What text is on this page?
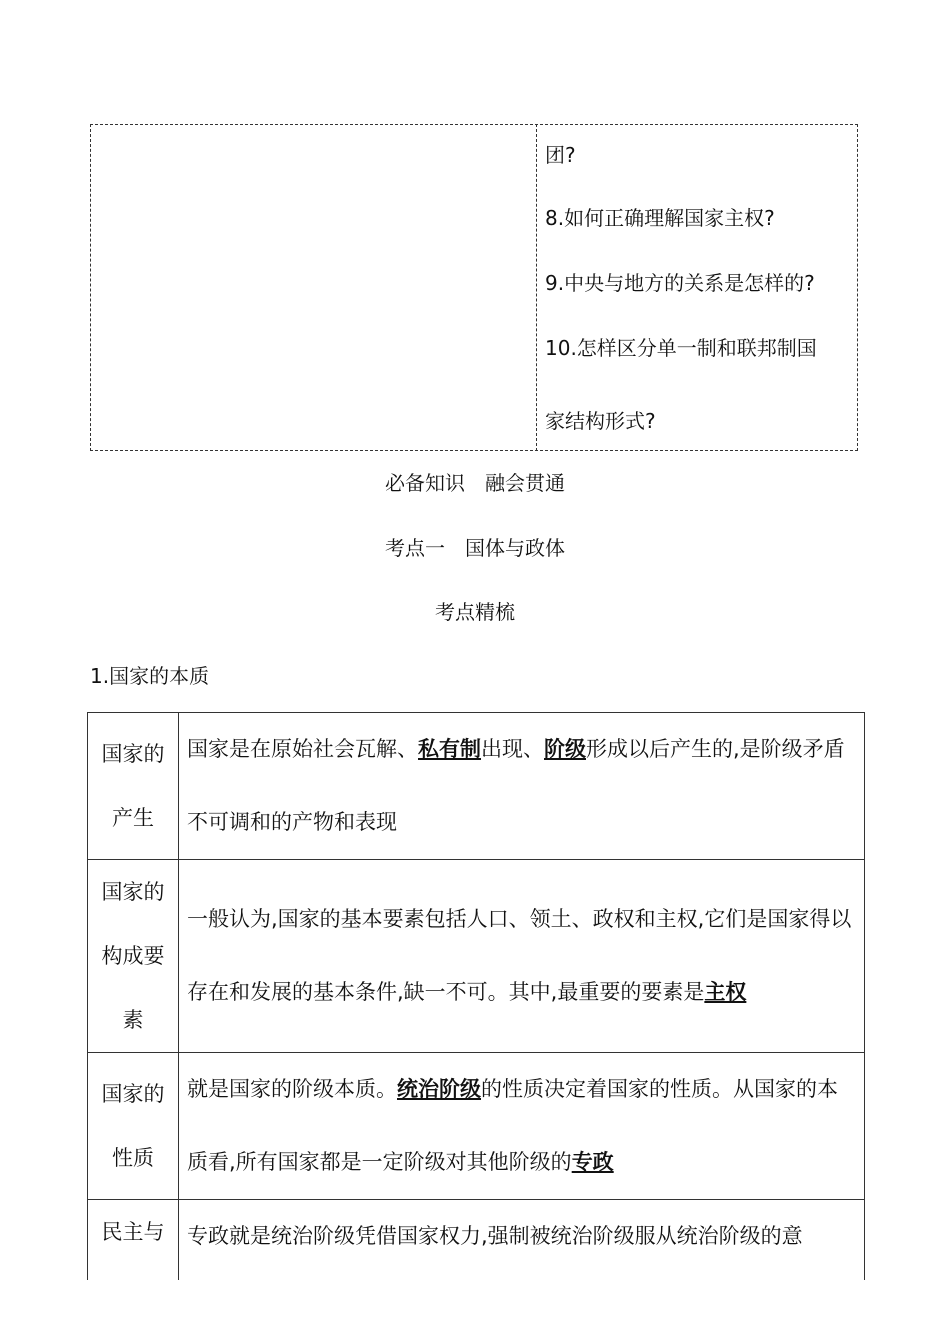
团?
8.如何正确理解国家主权?
9.中央与地方的关系是怎样的?
10.怎样区分单一制和联邦制国
家结构形式?
必备知识　融会贯通
考点一　国体与政体
考点精梳
1.国家的本质
国家的产生	国家是在原始社会瓦解、私有制出现、阶级形成以后产生的,是阶级矛盾不可调和的产物和表现
国家的构成要素	一般认为,国家的基本要素包括人口、领土、政权和主权,它们是国家得以存在和发展的基本条件,缺一不可。其中,最重要的要素是主权
国家的性质	就是国家的阶级本质。统治阶级的性质决定着国家的性质。从国家的本质看,所有国家都是一定阶级对其他阶级的专政
民主与	专政就是统治阶级凭借国家权力,强制被统治阶级服从统治阶级的意
